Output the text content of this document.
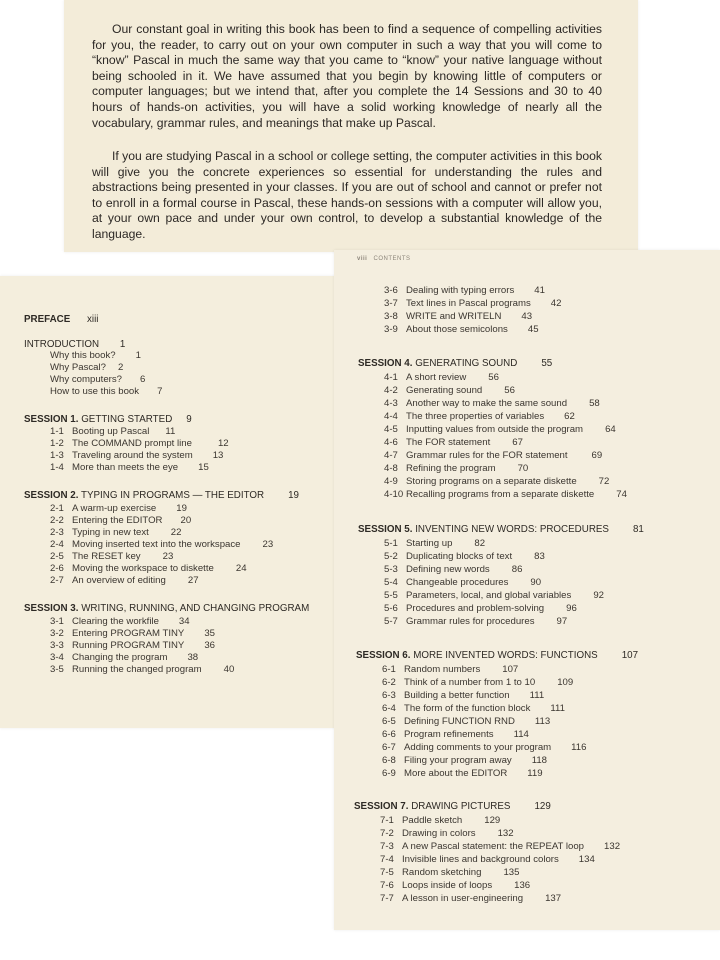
Our constant goal in writing this book has been to find a sequence of compelling activities for you, the reader, to carry out on your own computer in such a way that you will come to “know” Pascal in much the same way that you came to “know” your native language without being schooled in it. We have assumed that you begin by knowing little of computers or computer languages; but we intend that, after you complete the 14 Sessions and 30 to 40 hours of hands-on activities, you will have a solid working knowledge of nearly all the vocabulary, grammar rules, and meanings that make up Pascal.

If you are studying Pascal in a school or college setting, the computer activities in this book will give you the concrete experiences so essential for understanding the rules and abstractions being presented in your classes. If you are out of school and cannot or prefer not to enroll in a formal course in Pascal, these hands-on sessions with a computer will allow you, at your own pace and under your own control, to develop a substantial knowledge of the language.

viii CONTENTS
PREFACE xiii
INTRODUCTION 1
Why this book? 1
Why Pascal? 2
Why computers? 6
How to use this book 7
SESSION 1. GETTING STARTED 9
1-1 Booting up Pascal 11
1-2 The COMMAND prompt line	12
1-3 Traveling around the system 13
1-4 More than meets the eye 15
SESSION 2. TYPING IN PROGRAMS — THE EDITOR 19
2-1 A warm-up exercise 19
2-2 Entering the EDITOR 20
2-3 Typing in new text 22
2-4 Moving inserted text into the workspace 23
2-5 The RESET key 23
2-6 Moving the workspace to diskette 24
2-7 An overview of editing 27
SESSION 3. WRITING, RUNNING, AND CHANGING PROGRAM
3-1 Clearing the workfile 34
3-2 Entering PROGRAM TINY 35
3-3 Running PROGRAM TINY 36
3-4 Changing the program 38
3-5 Running the changed program 40
3-6 Dealing with typing errors 41
3-7 Text lines in Pascal programs 42
3-8 WRITE and WRITELN 43
3-9 About those semicolons 45
SESSION 4. GENERATING SOUND 55
4-1 A short review 56
4-2 Generating sound 56
4-3 Another way to make the same sound 58
4-4 The three properties of variables 62
4-5 Inputting values from outside the program 64
4-6 The FOR statement 67
4-7 Grammar rules for the FOR statement	69
4-8 Refining the program 70
4-9 Storing programs on a separate diskette 72
4-10 Recalling programs from a separate diskette 74
SESSION 5. INVENTING NEW WORDS: PROCEDURES 81
5-1 Starting up 82
5-2 Duplicating blocks of text 83
5-3 Defining new words 86
5-4 Changeable procedures 90
5-5 Parameters, local, and global variables 92
5-6 Procedures and problem-solving 96
5-7 Grammar rules for procedures 97
SESSION 6. MORE INVENTED WORDS: FUNCTIONS 107
6-1 Random numbers 107
6-2 Think of a number from 1 to 10 109
6-3 Building a better function 111
6-4 The form of the function block 111
6-5 Defining FUNCTION RND 113
6-6 Program refinements 114
6-7 Adding comments to your program 116
6-8 Filing your program away 118
6-9 More about the EDITOR 119
SESSION 7. DRAWING PICTURES 129
7-1 Paddle sketch 129
7-2 Drawing in colors 132
7-3 A new Pascal statement: the REPEAT loop 132
7-4 Invisible lines and background colors 134
7-5 Random sketching 135
7-6 Loops inside of loops 136
7-7 A lesson in user-engineering 137
